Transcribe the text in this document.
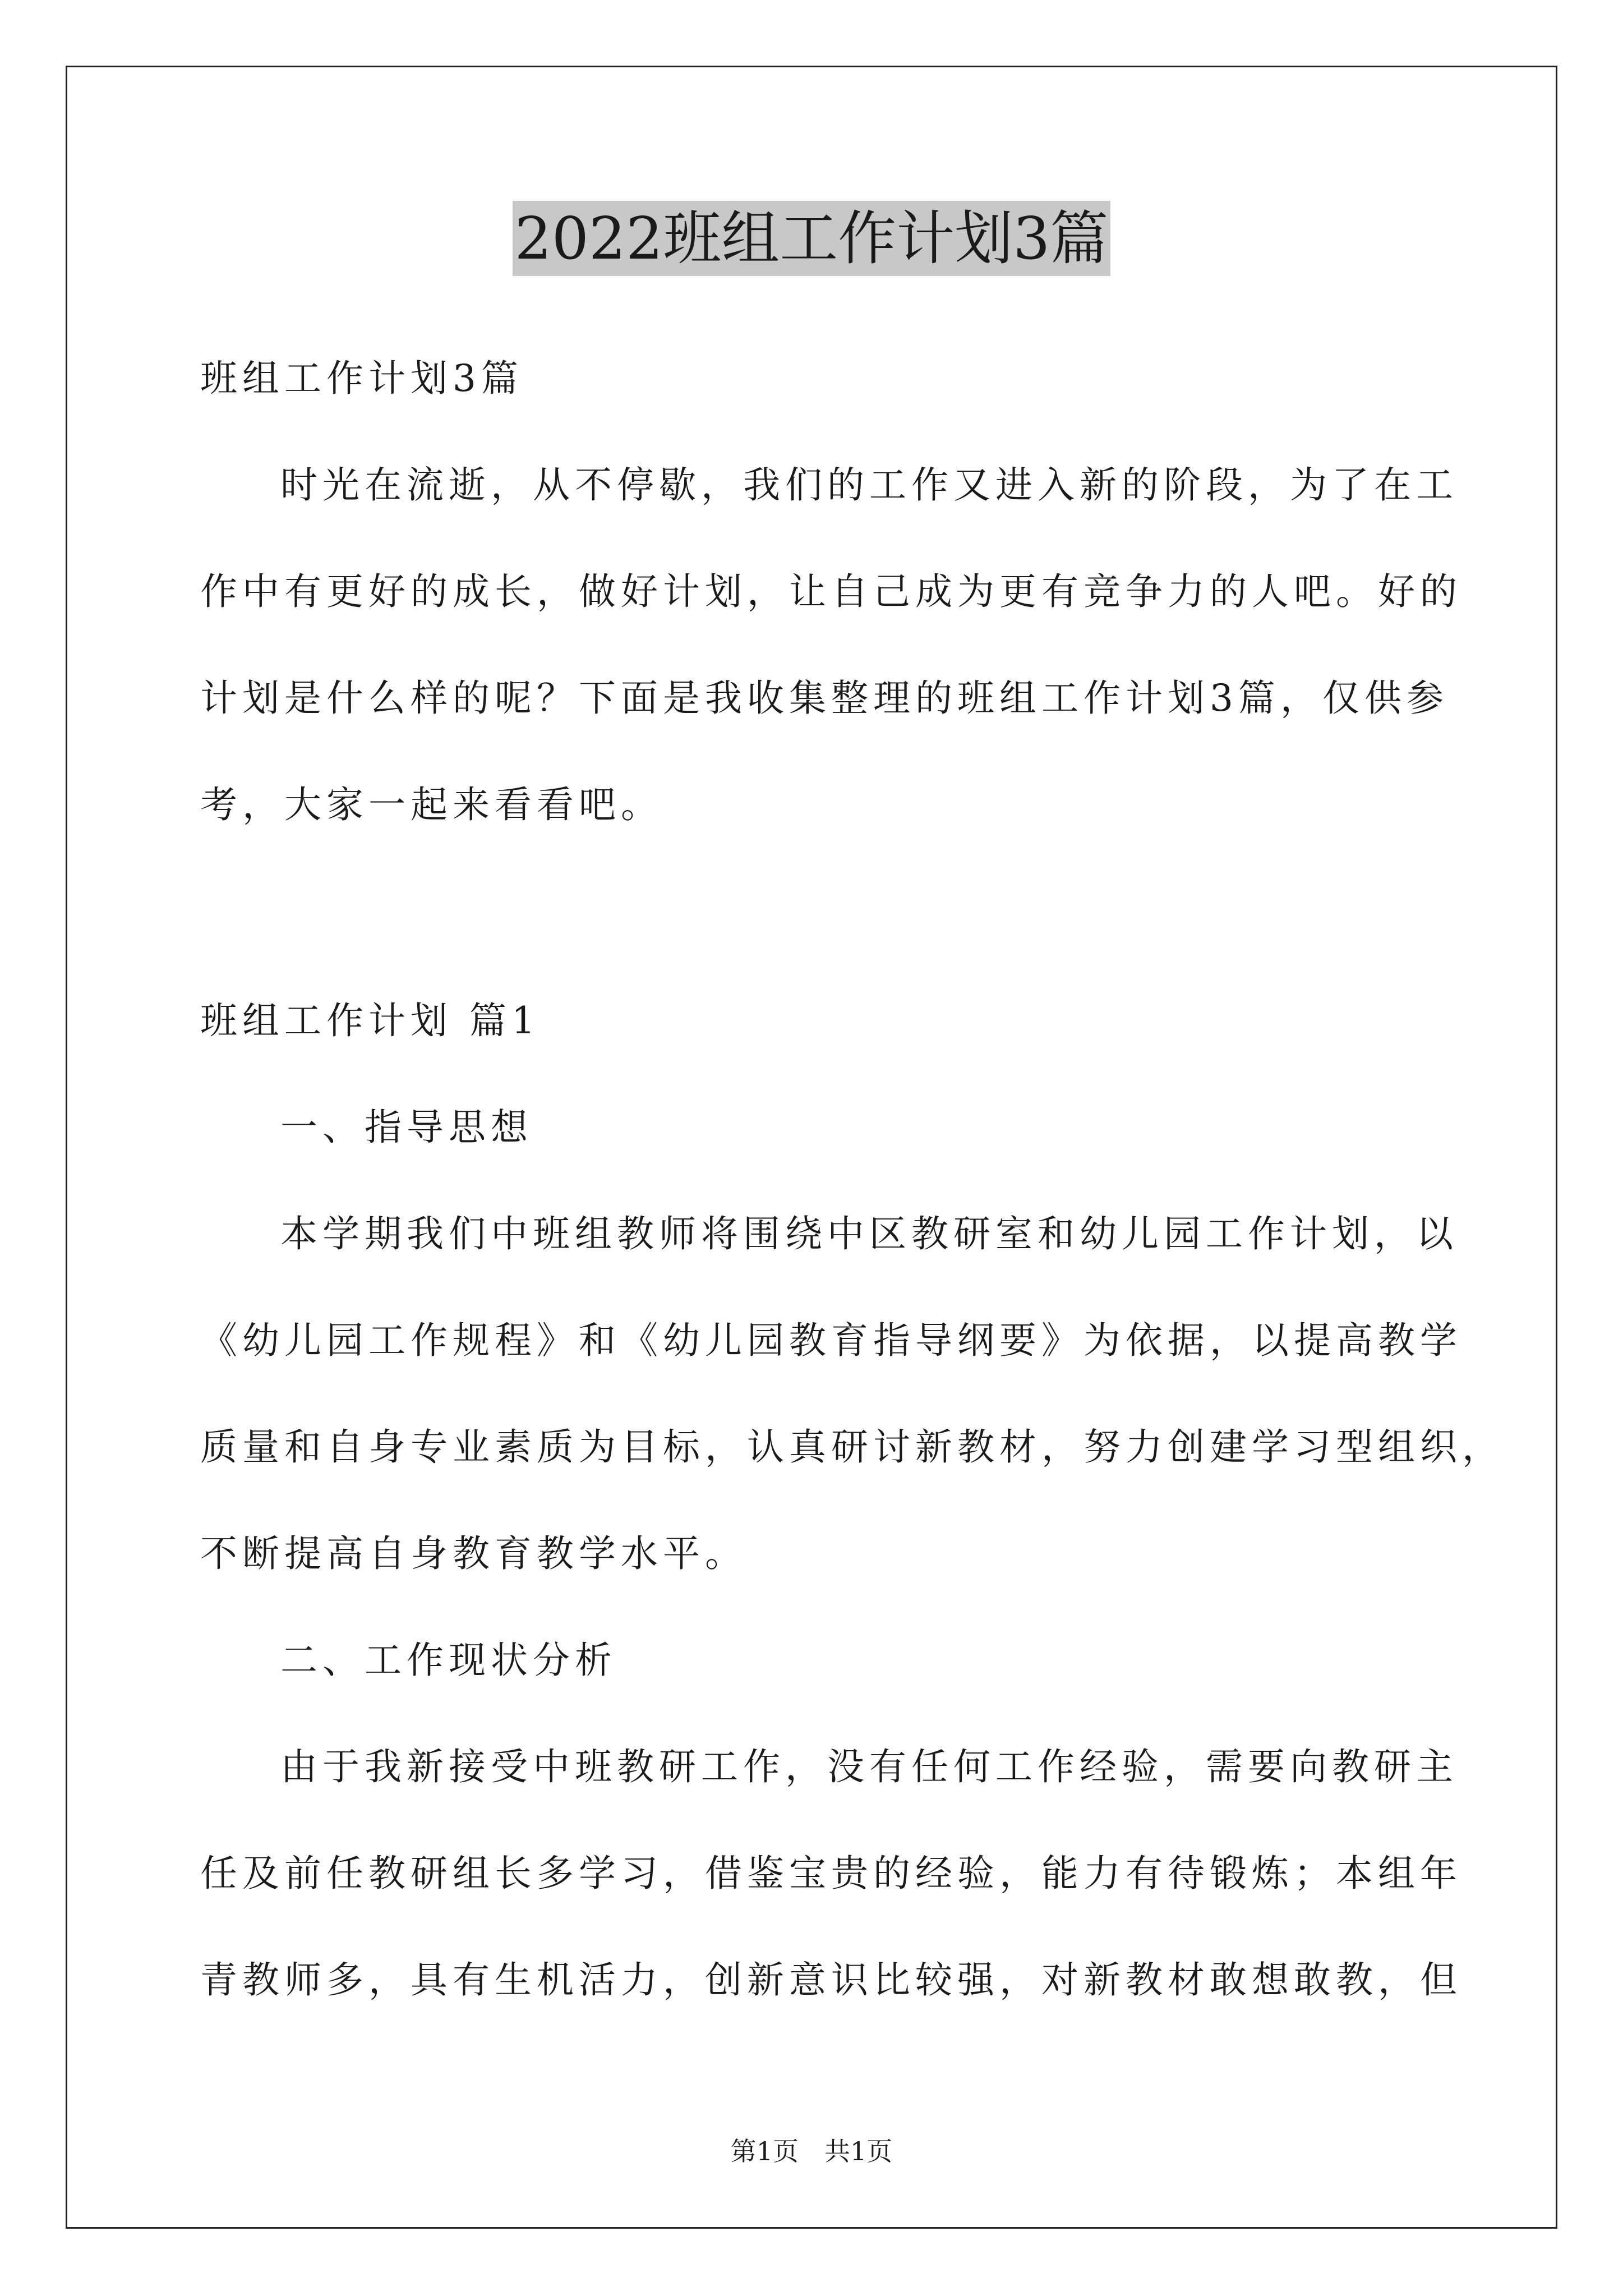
2022班组工作计划3篇
班组工作计划3篇
时光在流逝，从不停歇，我们的工作又进入新的阶段，为了在工
作中有更好的成长，做好计划，让自己成为更有竞争力的人吧。好的
计划是什么样的呢？下面是我收集整理的班组工作计划3篇，仅供参
考，大家一起来看看吧。
班组工作计划 篇1
一、指导思想
本学期我们中班组教师将围绕中区教研室和幼儿园工作计划，以
《幼儿园工作规程》和《幼儿园教育指导纲要》为依据，以提高教学
质量和自身专业素质为目标，认真研讨新教材，努力创建学习型组织，
不断提高自身教育教学水平。
二、工作现状分析
由于我新接受中班教研工作，没有任何工作经验，需要向教研主
任及前任教研组长多学习，借鉴宝贵的经验，能力有待锻炼；本组年
青教师多，具有生机活力，创新意识比较强，对新教材敢想敢教，但
第1页　共1页
